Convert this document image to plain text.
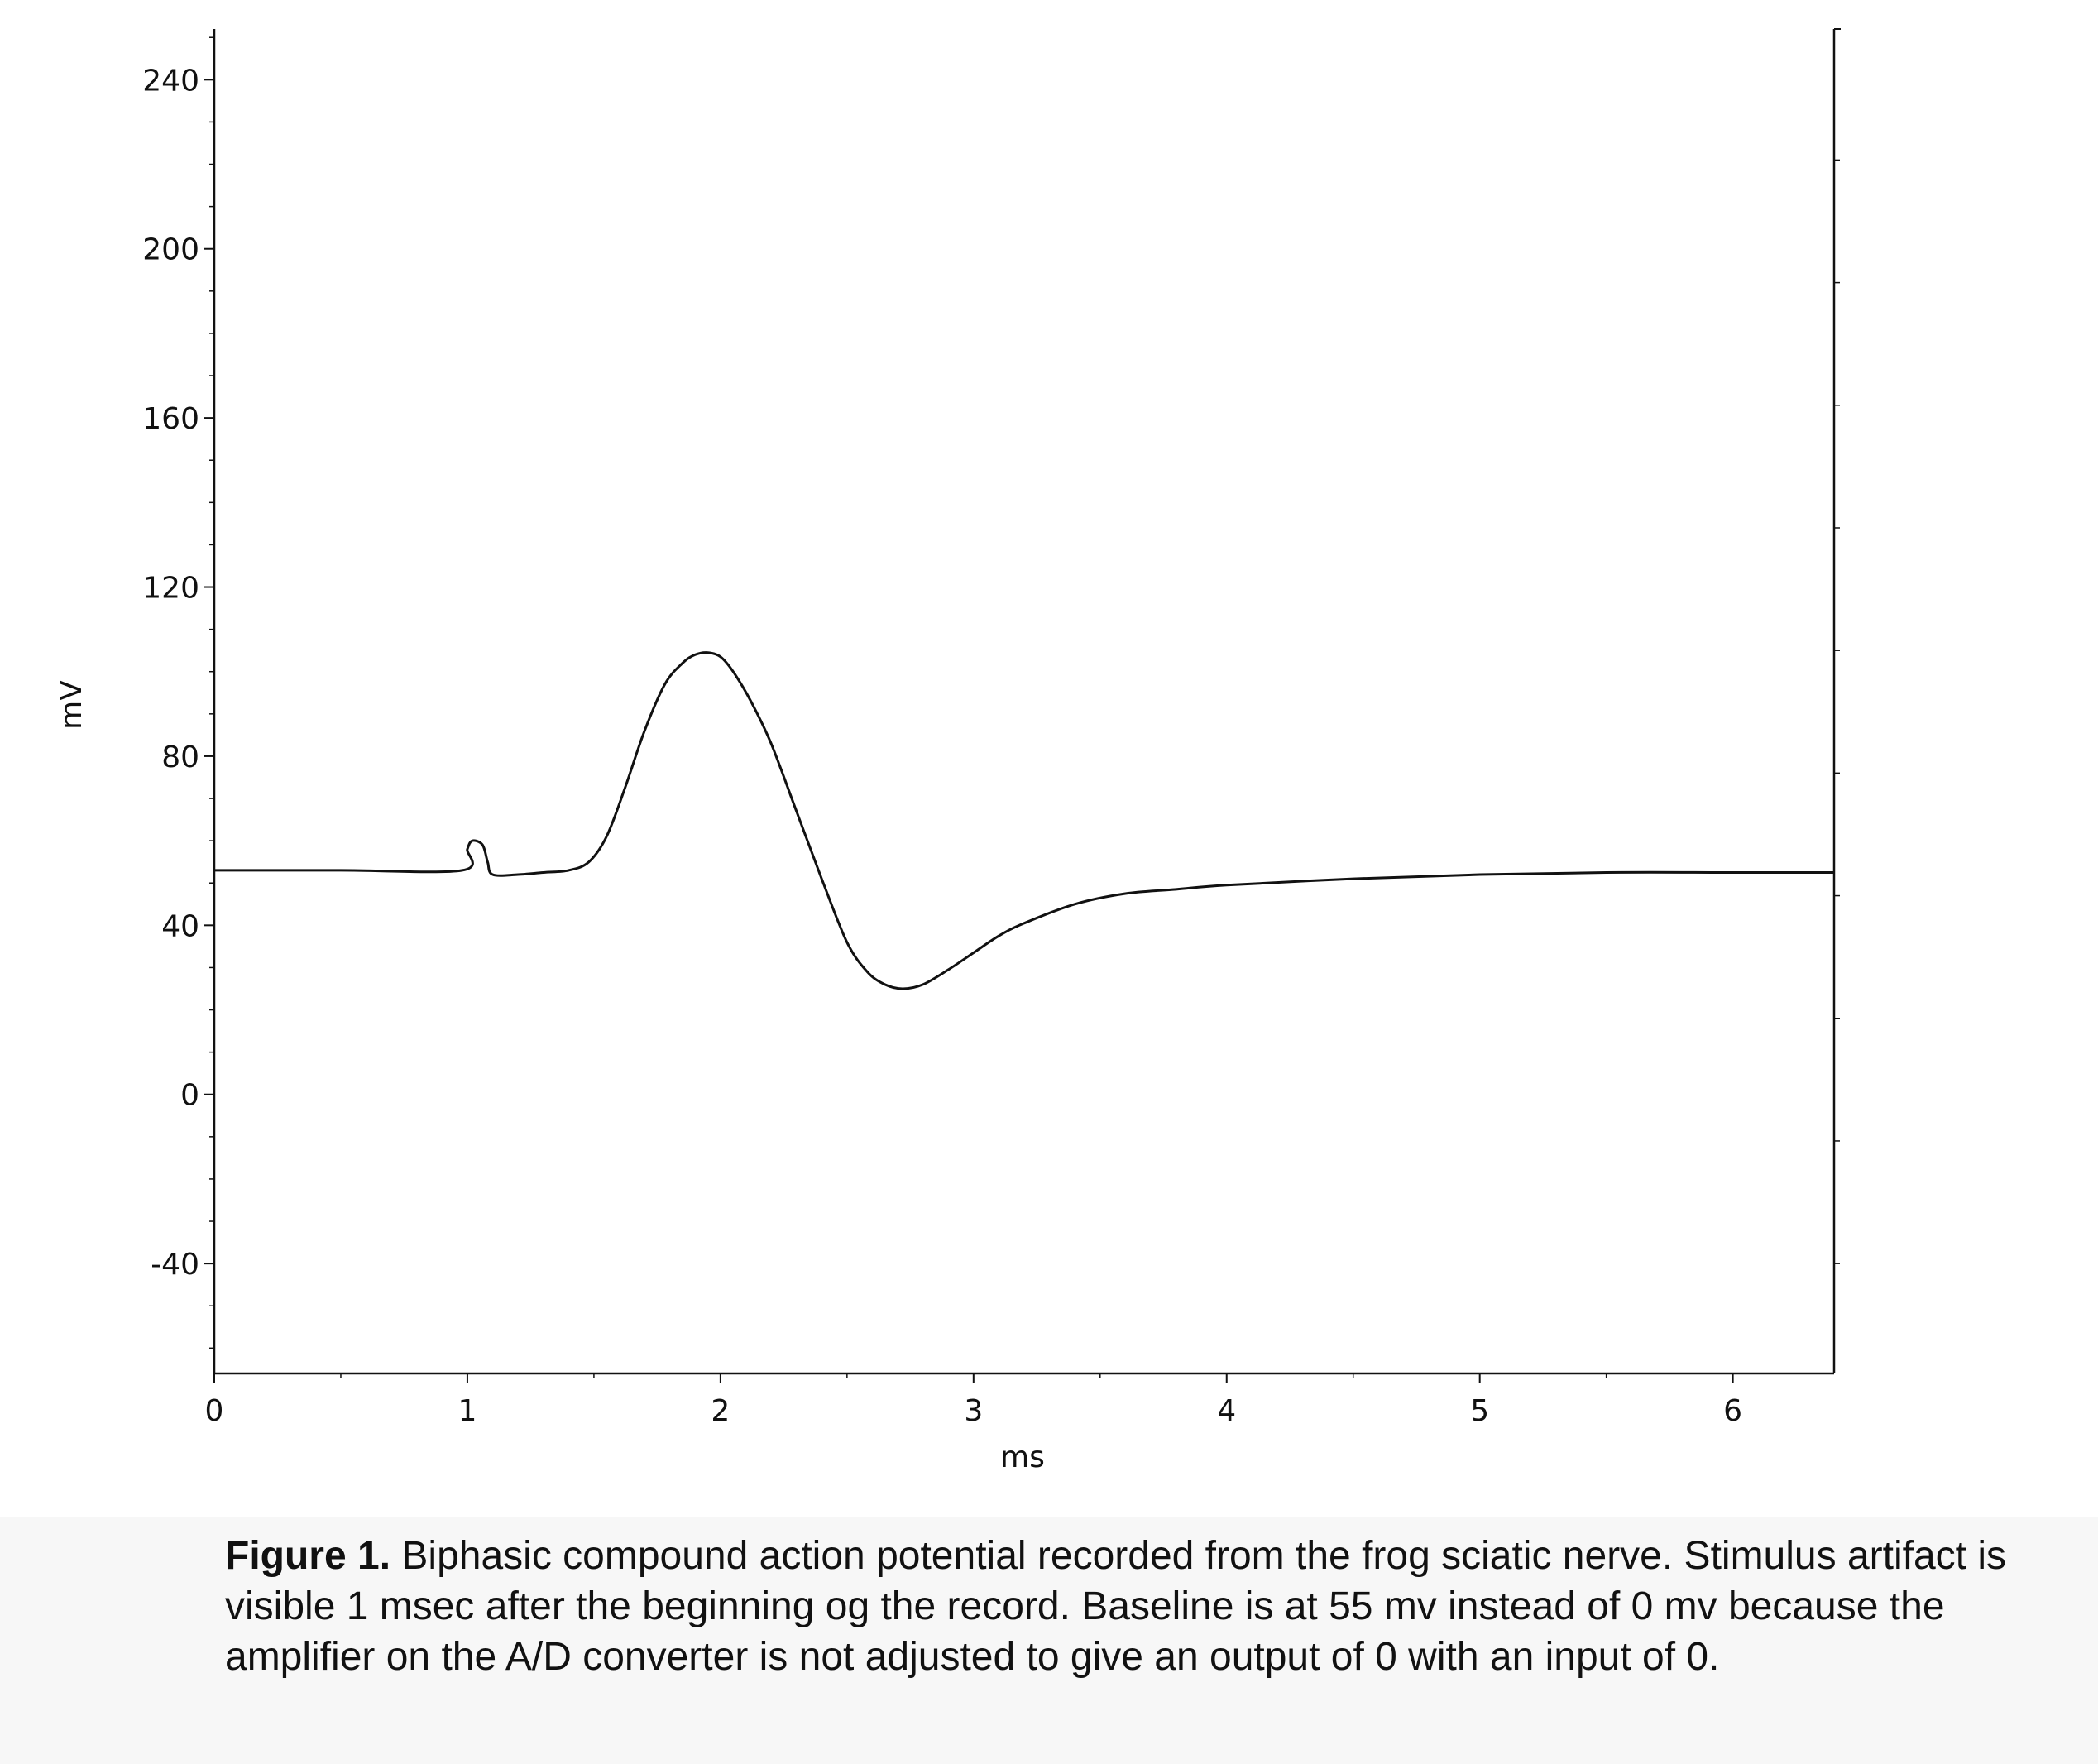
-40
0
40
80
120
160
200
240
0	1	2	3	4	5	6
ms
mV
Figure 1. Biphasic compound action potential recorded from the frog sciatic nerve. Stimulus artifact is visible 1 msec after the beginning og the record. Baseline is at 55 mv instead of 0 mv because the amplifier on the A/D converter is not adjusted to give an output of 0 with an input of 0.
